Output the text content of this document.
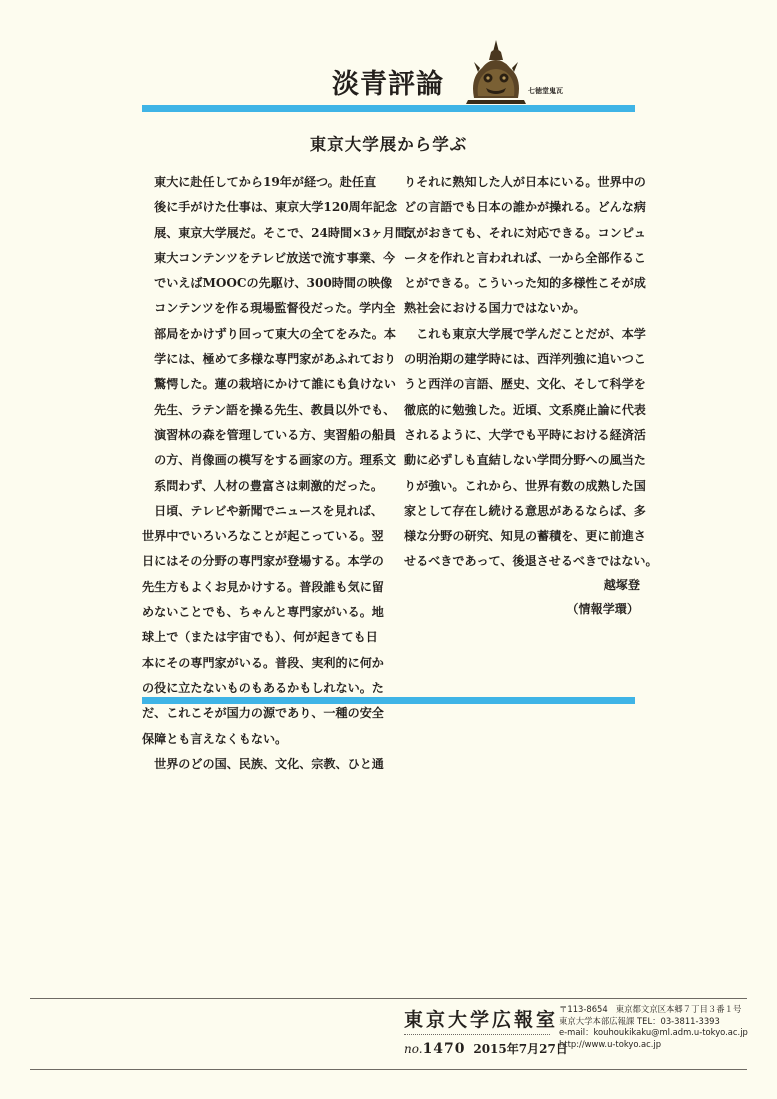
淡青評論	七徳堂鬼瓦
東京大学展から学ぶ

東大に赴任してから19年が経つ。赴任直
後に手がけた仕事は、東京大学120周年記念
展、東京大学展だ。そこで、24時間×3ヶ月間、
東大コンテンツをテレビ放送で流す事業、今
でいえばMOOCの先駆け、300時間の映像
コンテンツを作る現場監督役だった。学内全
部局をかけずり回って東大の全てをみた。本
学には、極めて多様な専門家があふれており
驚愕した。蓮の栽培にかけて誰にも負けない
先生、ラテン語を操る先生、教員以外でも、
演習林の森を管理している方、実習船の船員
の方、肖像画の模写をする画家の方。理系文
系問わず、人材の豊富さは刺激的だった。

日頃、テレビや新聞でニュースを見れば、
世界中でいろいろなことが起こっている。翌
日にはその分野の専門家が登場する。本学の
先生方もよくお見かけする。普段誰も気に留
めないことでも、ちゃんと専門家がいる。地
球上で（または宇宙でも）、何が起きても日
本にその専門家がいる。普段、実利的に何か
の役に立たないものもあるかもしれない。た
だ、これこそが国力の源であり、一種の安全
保障とも言えなくもない。

世界のどの国、民族、文化、宗教、ひと通

りそれに熟知した人が日本にいる。世界中の
どの言語でも日本の誰かが操れる。どんな病
気がおきても、それに対応できる。コンピュ
ータを作れと言われれば、一から全部作るこ
とができる。こういった知的多様性こそが成
熟社会における国力ではないか。

これも東京大学展で学んだことだが、本学
の明治期の建学時には、西洋列強に追いつこ
うと西洋の言語、歴史、文化、そして科学を
徹底的に勉強した。近頃、文系廃止論に代表
されるように、大学でも平時における経済活
動に必ずしも直結しない学問分野への風当た
りが強い。これから、世界有数の成熟した国
家として存在し続ける意思があるならば、多
様な分野の研究、知見の蓄積を、更に前進さ
せるべきであって、後退させるべきではない。

越塚登
（情報学環）
東京大学広報室
no.1470 2015年7月27日
〒113-8654 東京都文京区本郷７丁目３番１号
東京大学本部広報課 TEL：03-3811-3393
e-mail：kouhoukikaku@ml.adm.u-tokyo.ac.jp
http://www.u-tokyo.ac.jp
